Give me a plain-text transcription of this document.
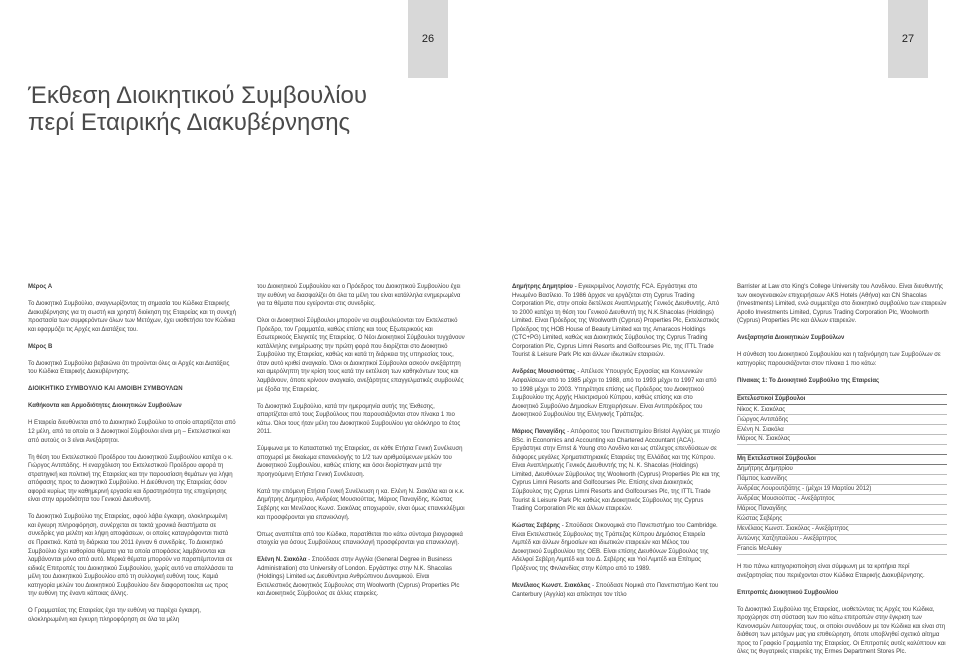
26
Έκθεση Διοικητικού Συμβουλίου
περί Εταιρικής Διακυβέρνησης

Μέρος Α

Το Διοικητικό Συμβούλιο, αναγνωρίζοντας τη σημασία του Κώδικα Εταιρικής Διακυβέρνησης για τη σωστή και χρηστή διοίκηση της Εταιρείας και τη συνεχή προστασία των συμφερόντων όλων των Μετόχων, έχει υιοθετήσει τον Κώδικα και εφαρμόζει τις Αρχές και Διατάξεις του.

Μέρος Β

Το Διοικητικό Συμβούλιο βεβαιώνει ότι τηρούνται όλες οι Αρχές και Διατάξεις του Κώδικα Εταιρικής Διακυβέρνησης.

ΔΙΟΙΚΗΤΙΚΟ ΣΥΜΒΟΥΛΙΟ ΚΑΙ ΑΜΟΙΒΗ ΣΥΜΒΟΥΛΩΝ

Καθήκοντα και Αρμοδιότητες Διοικητικών Συμβούλων

Η Εταιρεία διευθύνεται από το Διοικητικό Συμβούλιο το οποίο απαρτίζεται από 12 μέλη, από τα οποία οι 3 Διοικητικοί Σύμβουλοι είναι μη – Εκτελεστικοί και από αυτούς οι 3 είναι Ανεξάρτητοι.

Τη θέση του Εκτελεστικού Προέδρου του Διοικητικού Συμβουλίου κατέχει ο κ. Γιώργος Αντιπάδης. Η εναρχόλεση του Εκτελεστικού Προέδρου αφορά τη στρατηγική και πολιτική της Εταιρείας και την παρουσίαση θεμάτων για λήψη απόφασης προς το Διοικητικό Συμβούλιο. Η Διεύθυνση της Εταιρείας όσον αφορά κυρίως την καθημερινή εργασία και δραστηριότητα της επιχείρησης είναι στην αρμοδιότητα του Γενικού Διευθυντή.

Το Διοικητικό Συμβούλιο της Εταιρείας, αφού λάβει έγκαιρη, ολοκληρωμένη και έγκυρη πληροφόρηση, συνέρχεται σε τακτά χρονικά διαστήματα σε συνεδρίες για μελέτη και λήψη αποφάσεων, οι οποίες καταγράφονται πιστά σε Πρακτικά. Κατά τη διάρκεια του 2011 έγιναν 6 συνεδρίες. Το Διοικητικό Συμβούλιο έχει καθορίσει θέματα για τα οποία αποφάσεις λαμβάνονται και λαμβάνονται μόνο από αυτό. Μερικά θέματα μπορούν να παραπέμπονται σε ειδικές Επιτροπές του Διοικητικού Συμβουλίου, χωρίς αυτό να απαλλάσσει τα μέλη του Διοικητικού Συμβουλίου από τη συλλογική ευθύνη τους. Καμιά κατηγορία μελών του Διοικητικού Συμβουλίου δεν διαφοροποιείται ως προς την ευθύνη της έναντι κάποιας άλλης.

Ο Γραμματέας της Εταιρείας έχει την ευθύνη να παρέχει έγκαιρη, ολοκληρωμένη και έγκυρη πληροφόρηση σε όλα τα μέλη

του Διοικητικού Συμβουλίου και ο Πρόεδρος του Διοικητικού Συμβουλίου έχει την ευθύνη να διασφαλίζει ότι όλα τα μέλη του είναι κατάλληλα ενημερωμένα για τα θέματα που εγείρονται στις συνεδρίες.

Όλοι οι Διοικητικοί Σύμβουλοι μπορούν να συμβουλεύονται τον Εκτελεστικό Πρόεδρο, τον Γραμματέα, καθώς επίσης και τους Εξωτερικούς και Εσωτερικούς Ελεγκτές της Εταιρείας. Ο Νέοι Διοικητικοί Σύμβουλοι τυγχάνουν κατάλληλης ενημέρωσης την πρώτη φορά που διορίζεται στο Διοικητικό Συμβούλιο της Εταιρείας, καθώς και κατά τη διάρκεια της υπηρεσίας τους, όταν αυτό κριθεί αναγκαίο. Όλοι οι Διοικητικοί Σύμβουλοι ασκούν ανεξάρτητη και αμερόληπτη την κρίση τους κατά την εκτέλεση των καθηκόντων τους και λαμβάνουν, όποτε κρίνουν αναγκαίο, ανεξάρτητες επαγγελματικές συμβουλές με έξοδα της Εταιρείας.

Το Διοικητικό Συμβούλιο, κατά την ημερομηνία αυτής της Έκθεσης, απαρτίζεται από τους Συμβούλους που παρουσιάζονται στον πίνακα 1 πιο κάτω. Όλοι τους ήταν μέλη του Διοικητικού Συμβουλίου για ολόκληρο το έτος 2011.

Σύμφωνα με το Καταστατικό της Εταιρείας, σε κάθε Ετήσια Γενική Συνέλευση αποχωρεί με δικαίωμα επανεκλογής το 1/2 των αριθμούμενων μελών του Διοικητικού Συμβουλίου, καθώς επίσης και όσοι διορίστηκαν μετά την προηγούμενη Ετήσια Γενική Συνέλευση.

Κατά την επόμενη Ετήσια Γενική Συνέλευση η κα. Ελένη Ν. Σιακόλα και οι κ.κ. Δημήτρης Δημητρίου, Ανδρέας Μουσιούττας, Μάριος Παναγίδης, Κώστας Σεβέρης και Μενέλαος Κωνσ. Σιακόλας αποχωρούν, είναι όμως επανεκλέξιμοι και προσφέρονται για επανεκλογή.

Όπως αναπτέται από του Κώδικα, παρατίθεται πιο κάτω σύντομα βιογραφικά στοιχεία για όσους Συμβούλους επανεκλογή προσφέρονται για επανεκλογή.

Ελένη Ν. Σιακόλα - Σπούδασε στην Αγγλία (General Degree in Business Administration) στο University of London. Εργάστηκε στην N.K. Shacolas (Holdings) Limited ως Διευθύντρια Ανθρώπινου Δυναμικού. Είναι Εκτελεστικός Διοικητικός Σύμβουλος στη Woolworth (Cyprus) Properties Plc και Διοικητικός Σύμβουλος σε άλλες εταιρείες.

27

Δημήτρης Δημητρίου - Εγκεκριμένος Λογιστής FCA. Εργάστηκε στο Ηνωμένο Βασίλειο. Το 1986 άρχισε να εργάζεται στη Cyprus Trading Corporation Plc, στην οποία διετέλεσε Αναπληρωτής Γενικός Διευθυντής. Από το 2000 κατέχει τη θέση του Γενικού Διευθυντή της N.K.Shacolas (Holdings) Limited. Είναι Πρόεδρος της Woolworth (Cyprus) Properties Plc, Εκτελεστικός Πρόεδρος της HOB House of Beauty Limited και της Amaracos Holdings (CTC+PG) Limited, καθώς και Διοικητικός Σύμβουλος της Cyprus Trading Corporation Plc, Cyprus Limni Resorts and Golfcourses Plc, της ITTL Trade Tourist & Leisure Park Plc και άλλων ιδιωτικών εταιρειών.

Ανδρέας Μουσιούττας - Απέλεσε Υπουργός Εργασίας και Κοινωνικών Ασφαλίσεων από το 1985 μέχρι το 1988, από το 1993 μέχρι το 1997 και από το 1998 μέχρι το 2003. Υπηρέτησε επίσης ως Πρόεδρος του Διοικητικού Συμβουλίου της Αρχής Ηλεκτρισμού Κύπρου, καθώς επίσης και στο Διοικητικό Συμβούλιο Δημοσίων Επιχειρήσεων. Είναι Αντιπρόεδρος του Διοικητικού Συμβουλίου της Ελληνικής Τράπεζας.

Μάριος Παναγίδης - Απόφοιτος του Πανεπιστημίου Bristol Αγγλίας με πτυχίο BSc. in Economics and Accounting και Chartered Accountant (ACA). Εργάστηκε στην Ernst & Young στο Λονδίνο και ως στέλεχος επενδύσεων σε διάφορες μεγάλες Χρηματιστηριακές Εταιρείες της Ελλάδας και της Κύπρου. Είναι Αναπληρωτής Γενικός Διευθυντής της N. K. Shacolas (Holdings) Limited, Διευθύνων Σύμβουλος της Woolworth (Cyprus) Properties Plc και της Cyprus Limni Resorts and Golfcourses Plc. Επίσης είναι Διοικητικός Σύμβουλος της Cyprus Limni Resorts and Golfcourses Plc, της ITTL Trade Tourist & Leisure Park Plc καθώς και Διοικητικός Σύμβουλος της Cyprus Trading Corporation Plc και άλλων εταιρειών.

Κώστας Σεβέρης - Σπούδασε Οικονομικά στο Πανεπιστήμιο του Cambridge. Είναι Εκτελεστικός Σύμβουλος της Τράπεζας Κύπρου Δημόσιος Εταιρεία Λιμπέδ και άλλων δημοσίων και ιδιωτικών εταιρειών και Μέλος του Διοικητικού Συμβουλίου της ΟΕΒ. Είναι επίσης Διευθύνων Σύμβουλος της Αδελφοί Σεβέρη Λιμιτέδ και του Δ. Σεβέρης και Υιοί Λιμιτέδ και Επίτιμος Πρόξενος της Φινλανδίας στην Κύπρο από το 1989.

Μενέλαος Κωνστ. Σιακόλας - Σπούδασε Νομικά στο Πανεπιστήμιο Kent του Canterbury (Αγγλία) και απέκτησε τον τίτλο

Barrister at Law στο King's College University του Λονδίνου. Είναι διευθυντής των οικογενειακών επιχειρήσεων AKS Hotels (Αθήνα) και CN Shacolas (Investments) Limited, ενώ συμμετέχει στο διοικητικό συμβούλιο των εταιρειών Apollo Investments Limited, Cyprus Trading Corporation Plc, Woolworth (Cyprus) Properties Plc και άλλων εταιρειών.

Ανεξαρτησία Διοικητικών Συμβούλων

Η σύνθεση του Διοικητικού Συμβουλίου και η ταξινόμηση των Συμβούλων σε κατηγορίες παρουσιάζονται στον πίνακα 1 πιο κάτω:

Πίνακας 1: Το Διοικητικό Συμβούλιο της Εταιρείας

Εκτελεστικοί Σύμβουλοι
Νίκος Κ. Σιακόλας
Γιώργος Αντιπάδης
Ελένη Ν. Σιακόλα
Μάριος Ν. Σιακόλας
Μη Εκτελεστικοί Σύμβουλοι
Δημήτρης Δημητρίου
Πάμπος Ιωαννίδης
Ανδρέας Λουρουτζιάτης - (μέχρι 19 Μαρτίου 2012)
Ανδρέας Μουσιούττας - Ανεξάρτητος
Μάριος Παναγίδης
Κώστας Σεβέρης
Μενέλαος Κωνστ. Σιακόλας - Ανεξάρτητος
Αντώνης Χατζηπαύλου - Ανεξάρτητος
Francis McAuley

Η πιο πάνω κατηγοριοποίηση είναι σύμφωνη με τα κριτήρια περί ανεξαρτησίας που περιέχονται στον Κώδικα Εταιρικής Διακυβέρνησης.

Επιτροπές Διοικητικού Συμβουλίου

Το Διοικητικό Συμβούλιο της Εταιρείας, υιοθετώντας τις Αρχές του Κώδικα, προχώρησε στη σύσταση των πιο κάτω επιτροπών στην έγκριση των Κανονισμών Λειτουργίας τους, οι οποίοι συνάδουν με τον Κώδικα και είναι στη διάθεση των μετόχων μας για επιθεώρηση, όποτε υποβληθεί σχετικό αίτημα προς το Γραφείο Γραμματέα της Εταιρείας. Οι Επιτροπές αυτές καλύπτουν και όλες τις θυγατρικές εταιρείες της Ermes Department Stores Plc.
